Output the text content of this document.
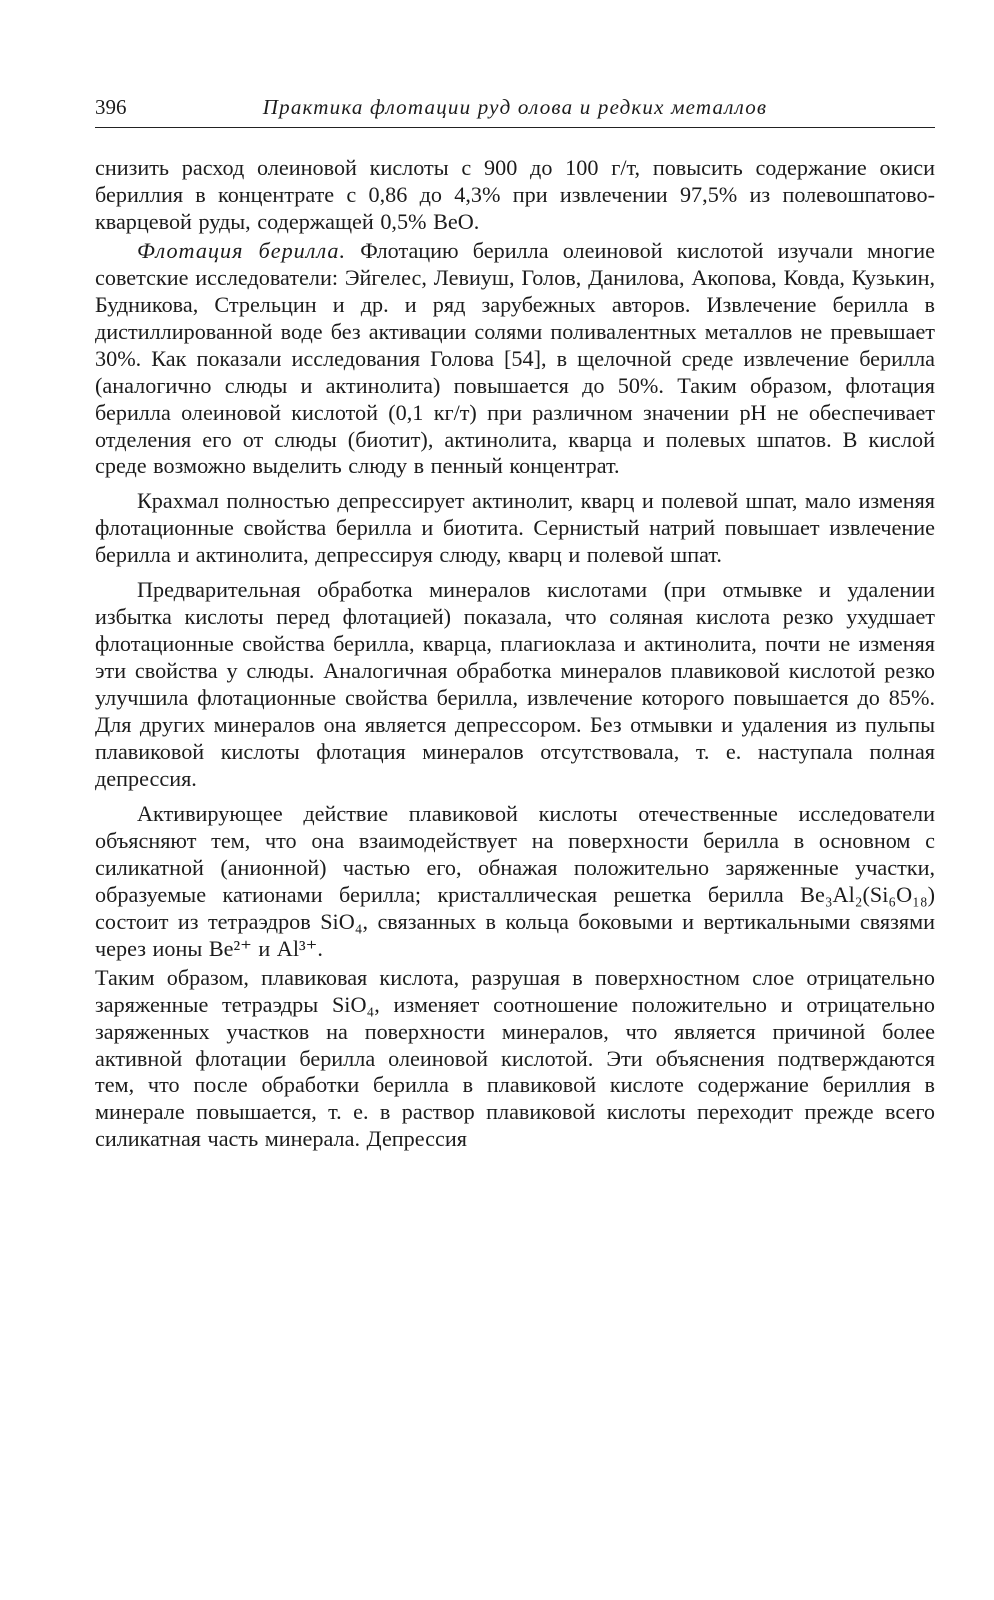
396	Практика флотации руд олова и редких металлов

снизить расход олеиновой кислоты с 900 до 100 г/т, повысить содержание окиси бериллия в концентрате с 0,86 до 4,3% при извлечении 97,5% из полевошпатово-кварцевой руды, содержащей 0,5% BeO.

Флотация берилла. Флотацию берилла олеиновой кислотой изучали многие советские исследователи: Эйгелес, Левиуш, Голов, Данилова, Акопова, Ковда, Кузькин, Будникова, Стрельцин и др. и ряд зарубежных авторов. Извлечение берилла в дистиллированной воде без активации солями поливалентных металлов не превышает 30%. Как показали исследования Голова [54], в щелочной среде извлечение берилла (аналогично слюды и актинолита) повышается до 50%. Таким образом, флотация берилла олеиновой кислотой (0,1 кг/т) при различном значении pH не обеспечивает отделения его от слюды (биотит), актинолита, кварца и полевых шпатов. В кислой среде возможно выделить слюду в пенный концентрат.

Крахмал полностью депрессирует актинолит, кварц и полевой шпат, мало изменяя флотационные свойства берилла и биотита. Сернистый натрий повышает извлечение берилла и актинолита, депрессируя слюду, кварц и полевой шпат.

Предварительная обработка минералов кислотами (при отмывке и удалении избытка кислоты перед флотацией) показала, что соляная кислота резко ухудшает флотационные свойства берилла, кварца, плагиоклаза и актинолита, почти не изменяя эти свойства у слюды. Аналогичная обработка минералов плавиковой кислотой резко улучшила флотационные свойства берилла, извлечение которого повышается до 85%. Для других минералов она является депрессором. Без отмывки и удаления из пульпы плавиковой кислоты флотация минералов отсутствовала, т. е. наступала полная депрессия.

Активирующее действие плавиковой кислоты отечественные исследователи объясняют тем, что она взаимодействует на поверхности берилла в основном с силикатной (анионной) частью его, обнажая положительно заряженные участки, образуемые катионами берилла; кристаллическая решетка берилла Be₃Al₂(Si₆O₁₈) состоит из тетраэдров SiO₄, связанных в кольца боковыми и вертикальными связями через ионы Be²⁺ и Al³⁺.

Таким образом, плавиковая кислота, разрушая в поверхностном слое отрицательно заряженные тетраэдры SiO₄, изменяет соотношение положительно и отрицательно заряженных участков на поверхности минералов, что является причиной более активной флотации берилла олеиновой кислотой. Эти объяснения подтверждаются тем, что после обработки берилла в плавиковой кислоте содержание бериллия в минерале повышается, т. е. в раствор плавиковой кислоты переходит прежде всего силикатная часть минерала. Депрессия
